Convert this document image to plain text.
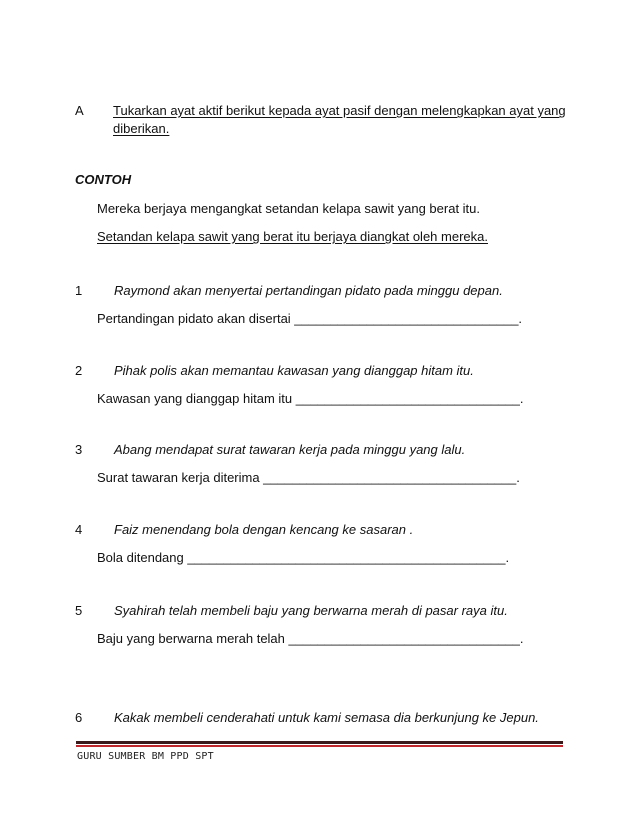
A Tukarkan ayat aktif berikut kepada ayat pasif dengan melengkapkan ayat yang
diberikan.
CONTOH
Mereka berjaya mengangkat setandan kelapa sawit yang berat itu.
Setandan kelapa sawit yang berat itu berjaya diangkat oleh mereka.
1 Raymond akan menyertai pertandingan pidato pada minggu depan.
Pertandingan pidato akan disertai _______________________________.
2 Pihak polis akan memantau kawasan yang dianggap hitam itu.
Kawasan yang dianggap hitam itu _______________________________.
3 Abang mendapat surat tawaran kerja pada minggu yang lalu.
Surat tawaran kerja diterima ___________________________________.
4 Faiz menendang bola dengan kencang ke sasaran .
Bola ditendang ____________________________________________.
5 Syahirah telah membeli baju yang berwarna merah di pasar raya itu.
Baju yang berwarna merah telah ________________________________.
6 Kakak membeli cenderahati untuk kami semasa dia berkunjung ke Jepun.
GURU SUMBER BM PPD SPT
